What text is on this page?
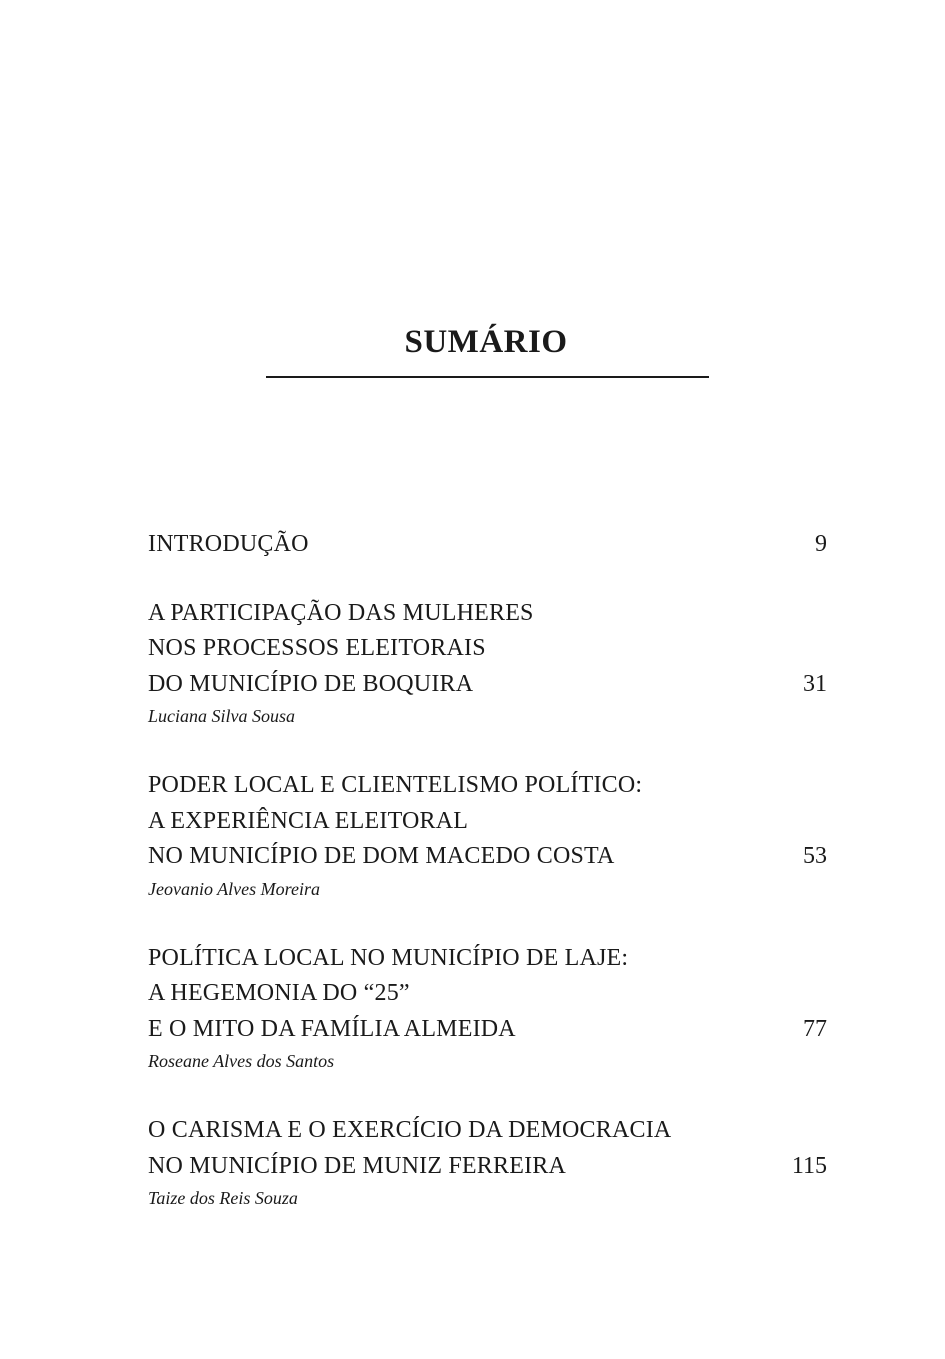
SUMÁRIO
INTRODUÇÃO	9
A PARTICIPAÇÃO DAS MULHERES
NOS PROCESSOS ELEITORAIS
DO MUNICÍPIO DE BOQUIRA	31
Luciana Silva Sousa
PODER LOCAL E CLIENTELISMO POLÍTICO:
A EXPERIÊNCIA ELEITORAL
NO MUNICÍPIO DE DOM MACEDO COSTA	53
Jeovanio Alves Moreira
POLÍTICA LOCAL NO MUNICÍPIO DE LAJE:
A HEGEMONIA DO “25”
E O MITO DA FAMÍLIA ALMEIDA	77
Roseane Alves dos Santos
O CARISMA E O EXERCÍCIO DA DEMOCRACIA
NO MUNICÍPIO DE MUNIZ FERREIRA	115
Taize dos Reis Souza
